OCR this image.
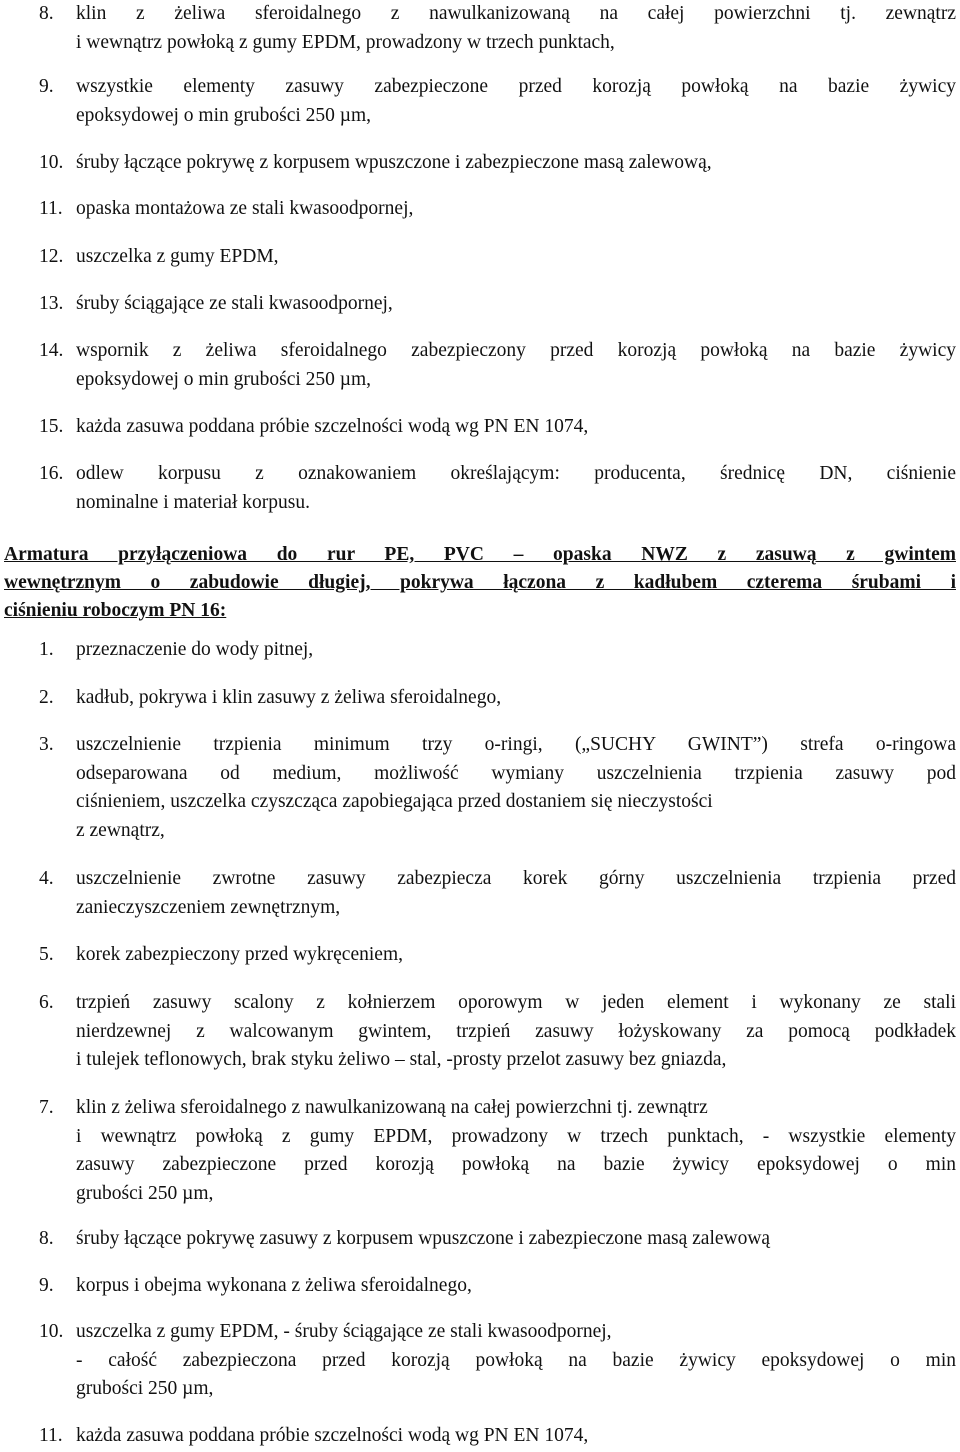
8.	klin z żeliwa sferoidalnego z nawulkanizowaną na całej powierzchni tj. zewnątrz
i wewnątrz powłoką z gumy EPDM, prowadzony w trzech punktach,
9.	wszystkie elementy zasuwy zabezpieczone przed korozją powłoką na bazie żywicy
epoksydowej o min grubości 250 µm,
10. śruby łączące pokrywę z korpusem wpuszczone i zabezpieczone masą zalewową,
11. opaska montażowa ze stali kwasoodpornej,
12. uszczelka z gumy EPDM,
13. śruby ściągające ze stali kwasoodpornej,
14. wspornik z żeliwa sferoidalnego zabezpieczony przed korozją powłoką na bazie żywicy
epoksydowej o min grubości 250 µm,
15. każda zasuwa poddana próbie szczelności wodą wg PN EN 1074,
16. odlew korpusu z oznakowaniem określającym: producenta, średnicę DN, ciśnienie
nominalne i materiał korpusu.
Armatura przyłączeniowa do rur PE, PVC – opaska NWZ z zasuwą z gwintem
wewnętrznym o zabudowie długiej, pokrywa łączona z kadłubem czterema śrubami i
ciśnieniu roboczym PN 16:
1.	przeznaczenie do wody pitnej,
2.	kadłub, pokrywa i klin zasuwy z żeliwa sferoidalnego,
3.	uszczelnienie trzpienia minimum trzy o-ringi, („SUCHY GWINT”) strefa o-ringowa
odseparowana od medium, możliwość wymiany uszczelnienia trzpienia zasuwy pod
ciśnieniem, uszczelka czyszcząca zapobiegająca przed dostaniem się nieczystości
z zewnątrz,
4.	uszczelnienie zwrotne zasuwy zabezpiecza korek górny uszczelnienia trzpienia przed
zanieczyszczeniem zewnętrznym,
5.	korek zabezpieczony przed wykręceniem,
6.	trzpień zasuwy scalony z kołnierzem oporowym w jeden element i wykonany ze stali
nierdzewnej z walcowanym gwintem, trzpień zasuwy łożyskowany za pomocą podkładek
i tulejek teflonowych, brak styku żeliwo – stal, -prosty przelot zasuwy bez gniazda,
7.	klin z żeliwa sferoidalnego z nawulkanizowaną na całej powierzchni tj. zewnątrz
i wewnątrz powłoką z gumy EPDM, prowadzony w trzech punktach, - wszystkie elementy
zasuwy zabezpieczone przed korozją powłoką na bazie żywicy epoksydowej o min
grubości 250 µm,
8.	śruby łączące pokrywę zasuwy z korpusem wpuszczone i zabezpieczone masą zalewową
9.	korpus i obejma wykonana z żeliwa sferoidalnego,
10. uszczelka z gumy EPDM, - śruby ściągające ze stali kwasoodpornej,
- całość zabezpieczona przed korozją powłoką na bazie żywicy epoksydowej o min
grubości 250 µm,
11. każda zasuwa poddana próbie szczelności wodą wg PN EN 1074,
